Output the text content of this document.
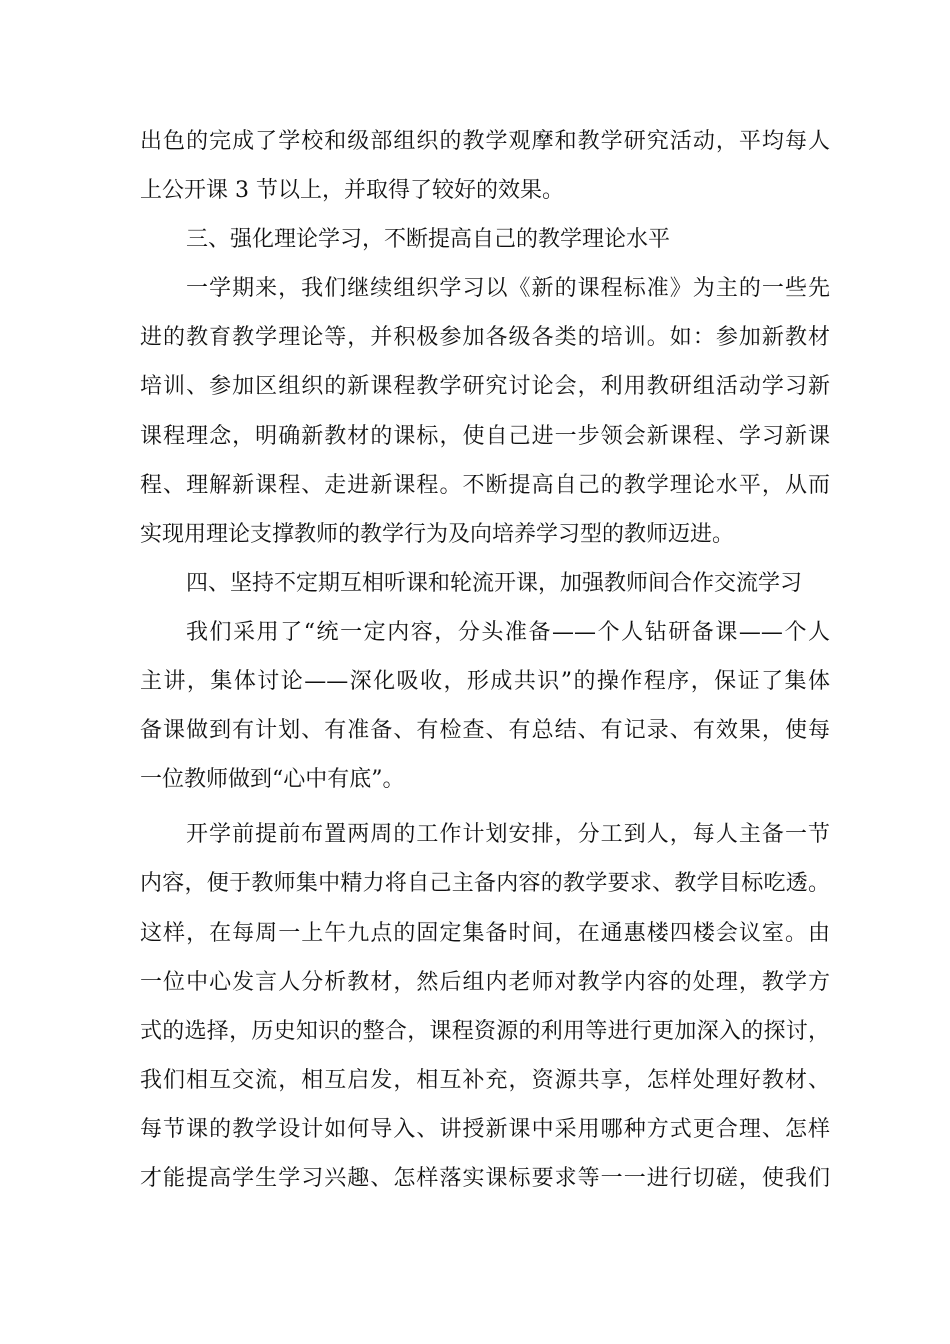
出色的完成了学校和级部组织的教学观摩和教学研究活动，平均每人
上公开课 3 节以上，并取得了较好的效果。
三、强化理论学习，不断提高自己的教学理论水平
一学期来，我们继续组织学习以《新的课程标准》为主的一些先
进的教育教学理论等，并积极参加各级各类的培训。如：参加新教材
培训、参加区组织的新课程教学研究讨论会，利用教研组活动学习新
课程理念，明确新教材的课标，使自己进一步领会新课程、学习新课
程、理解新课程、走进新课程。不断提高自己的教学理论水平，从而
实现用理论支撑教师的教学行为及向培养学习型的教师迈进。
四、坚持不定期互相听课和轮流开课，加强教师间合作交流学习
我们采用了“统一定内容，分头准备——个人钻研备课——个人
主讲，集体讨论——深化吸收，形成共识”的操作程序，保证了集体
备课做到有计划、有准备、有检查、有总结、有记录、有效果，使每
一位教师做到“心中有底”。
开学前提前布置两周的工作计划安排，分工到人，每人主备一节
内容，便于教师集中精力将自己主备内容的教学要求、教学目标吃透。
这样，在每周一上午九点的固定集备时间，在通惠楼四楼会议室。由
一位中心发言人分析教材，然后组内老师对教学内容的处理，教学方
式的选择，历史知识的整合，课程资源的利用等进行更加深入的探讨，
我们相互交流，相互启发，相互补充，资源共享，怎样处理好教材、
每节课的教学设计如何导入、讲授新课中采用哪种方式更合理、怎样
才能提高学生学习兴趣、怎样落实课标要求等一一进行切磋，使我们
